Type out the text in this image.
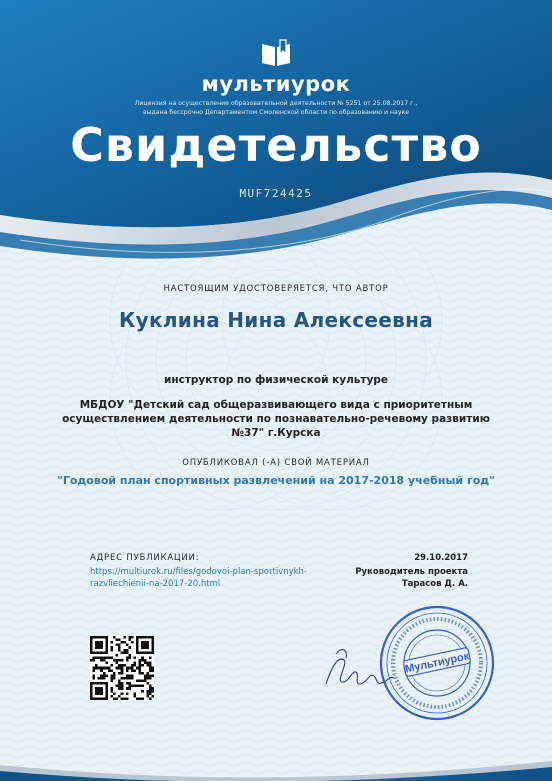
мультиурок
Лицензия на осуществление образовательной деятельности № 5251 от 25.08.2017 г.,
выдана бессрочно Департаментом Смоленской области по образованию и науке
Свидетельство
MUF724425
НАСТОЯЩИМ УДОСТОВЕРЯЕТСЯ, ЧТО АВТОР
Куклина Нина Алексеевна
инструктор по физической культуре
МБДОУ "Детский сад общеразвивающего вида с приоритетным осуществлением деятельности по познавательно-речевому развитию №37" г.Курска
ОПУБЛИКОВАЛ (-А) СВОЙ МАТЕРИАЛ
"Годовой план спортивных развлечений на 2017-2018 учебный год"
АДРЕС ПУБЛИКАЦИИ:
https://multiurok.ru/files/godovoi-plan-sportivnykh-razvliechienii-na-2017-20.html
29.10.2017
Руководитель проекта
Тарасов Д. А.
Мультиурок
